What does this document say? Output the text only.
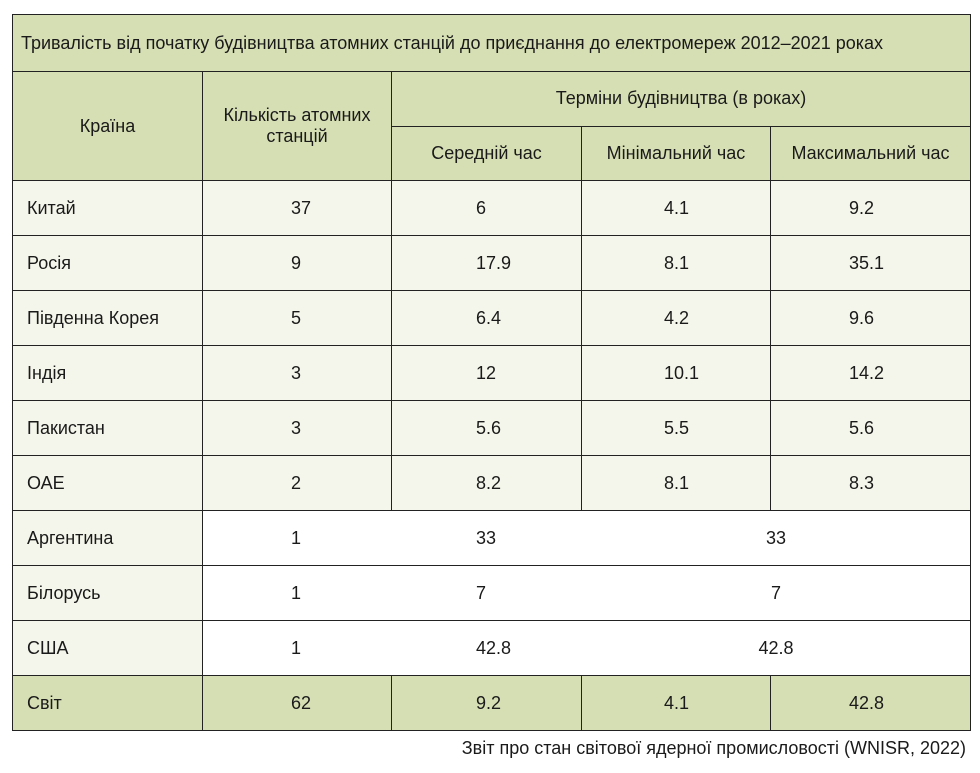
Тривалість від початку будівництва атомних станцій до приєднання до електромереж 2012–2021 роках				
Країна	Кількість атомних станцій	Терміни будівництва (в роках)		
		Середній час	Мінімальний час	Максимальний час
Китай	37	6	4.1	9.2
Росія	9	17.9	8.1	35.1
Південна Корея	5	6.4	4.2	9.6
Індія	3	12	10.1	14.2
Пакистан	3	5.6	5.5	5.6
ОАЕ	2	8.2	8.1	8.3
Аргентина	1	33	33	
Білорусь	1	7	7	
США	1	42.8	42.8	
Світ	62	9.2	4.1	42.8
Звіт про стан світової ядерної промисловості (WNISR, 2022)
